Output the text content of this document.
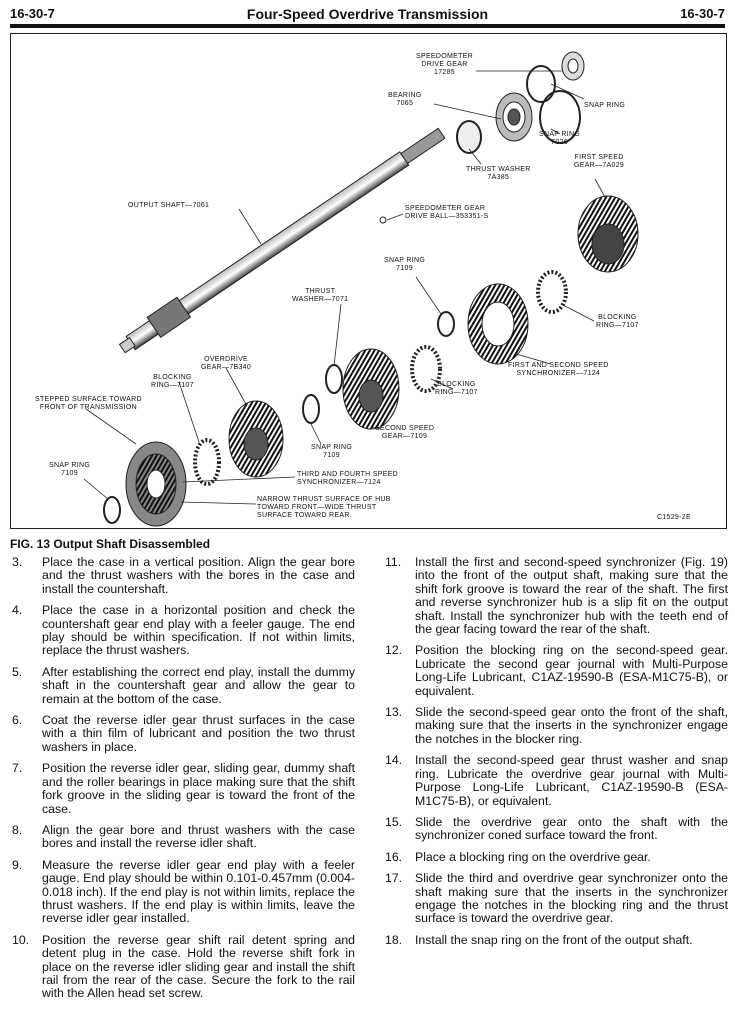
16-30-7	Four-Speed Overdrive Transmission	16-30-7
SPEEDOMETER
DRIVE GEAR
17285
BEARING
7065	SNAP RING
SNAP RING
7026
THRUST WASHER
7A385
FIRST SPEED
GEAR—7A029
OUTPUT SHAFT—7061	SPEEDOMETER GEAR
DRIVE BALL—353351-S
SNAP RING
7109
THRUST
WASHER—7071
BLOCKING
RING—7107
FIRST AND SECOND SPEED
SYNCHRONIZER—7124
OVERDRIVE
GEAR—7B340
BLOCKING
RING—7107	BLOCKING
RING—7107
STEPPED SURFACE TOWARD
FRONT OF TRANSMISSION
SECOND SPEED
GEAR—7109
SNAP RING
7109
SNAP RING
7109	THIRD AND FOURTH SPEED
SYNCHRONIZER—7124
NARROW THRUST SURFACE OF HUB
TOWARD FRONT—WIDE THRUST
SURFACE TOWARD REAR.	C1529-2E
FIG. 13 Output Shaft Disassembled
3. Place the case in a vertical position. Align the gear bore and the thrust washers with the bores in the case and install the countershaft.
4. Place the case in a horizontal position and check the countershaft gear end play with a feeler gauge. The end play should be within specification. If not within limits, replace the thrust washers.
5. After establishing the correct end play, install the dummy shaft in the countershaft gear and allow the gear to remain at the bottom of the case.
6. Coat the reverse idler gear thrust surfaces in the case with a thin film of lubricant and position the two thrust washers in place.
7. Position the reverse idler gear, sliding gear, dummy shaft and the roller bearings in place making sure that the shift fork groove in the sliding gear is toward the front of the case.
8. Align the gear bore and thrust washers with the case bores and install the reverse idler shaft.
9. Measure the reverse idler gear end play with a feeler gauge. End play should be within 0.101-0.457mm (0.004-0.018 inch). If the end play is not within limits, replace the thrust washers. If the end play is within limits, leave the reverse idler gear installed.
10. Position the reverse gear shift rail detent spring and detent plug in the case. Hold the reverse shift fork in place on the reverse idler sliding gear and install the shift rail from the rear of the case. Secure the fork to the rail with the Allen head set screw.
11. Install the first and second-speed synchronizer (Fig. 19) into the front of the output shaft, making sure that the shift fork groove is toward the rear of the shaft. The first and reverse synchronizer hub is a slip fit on the output shaft. Install the synchronizer hub with the teeth end of the gear facing toward the rear of the shaft.
12. Position the blocking ring on the second-speed gear. Lubricate the second gear journal with Multi-Purpose Long-Life Lubricant, C1AZ-19590-B (ESA-M1C75-B), or equivalent.
13. Slide the second-speed gear onto the front of the shaft, making sure that the inserts in the synchronizer engage the notches in the blocker ring.
14. Install the second-speed gear thrust washer and snap ring. Lubricate the overdrive gear journal with Multi-Purpose Long-Life Lubricant, C1AZ-19590-B (ESA-M1C75-B), or equivalent.
15. Slide the overdrive gear onto the shaft with the synchronizer coned surface toward the front.
16. Place a blocking ring on the overdrive gear.
17. Slide the third and overdrive gear synchronizer onto the shaft making sure that the inserts in the synchronizer engage the notches in the blocking ring and the thrust surface is toward the overdrive gear.
18. Install the snap ring on the front of the output shaft.
